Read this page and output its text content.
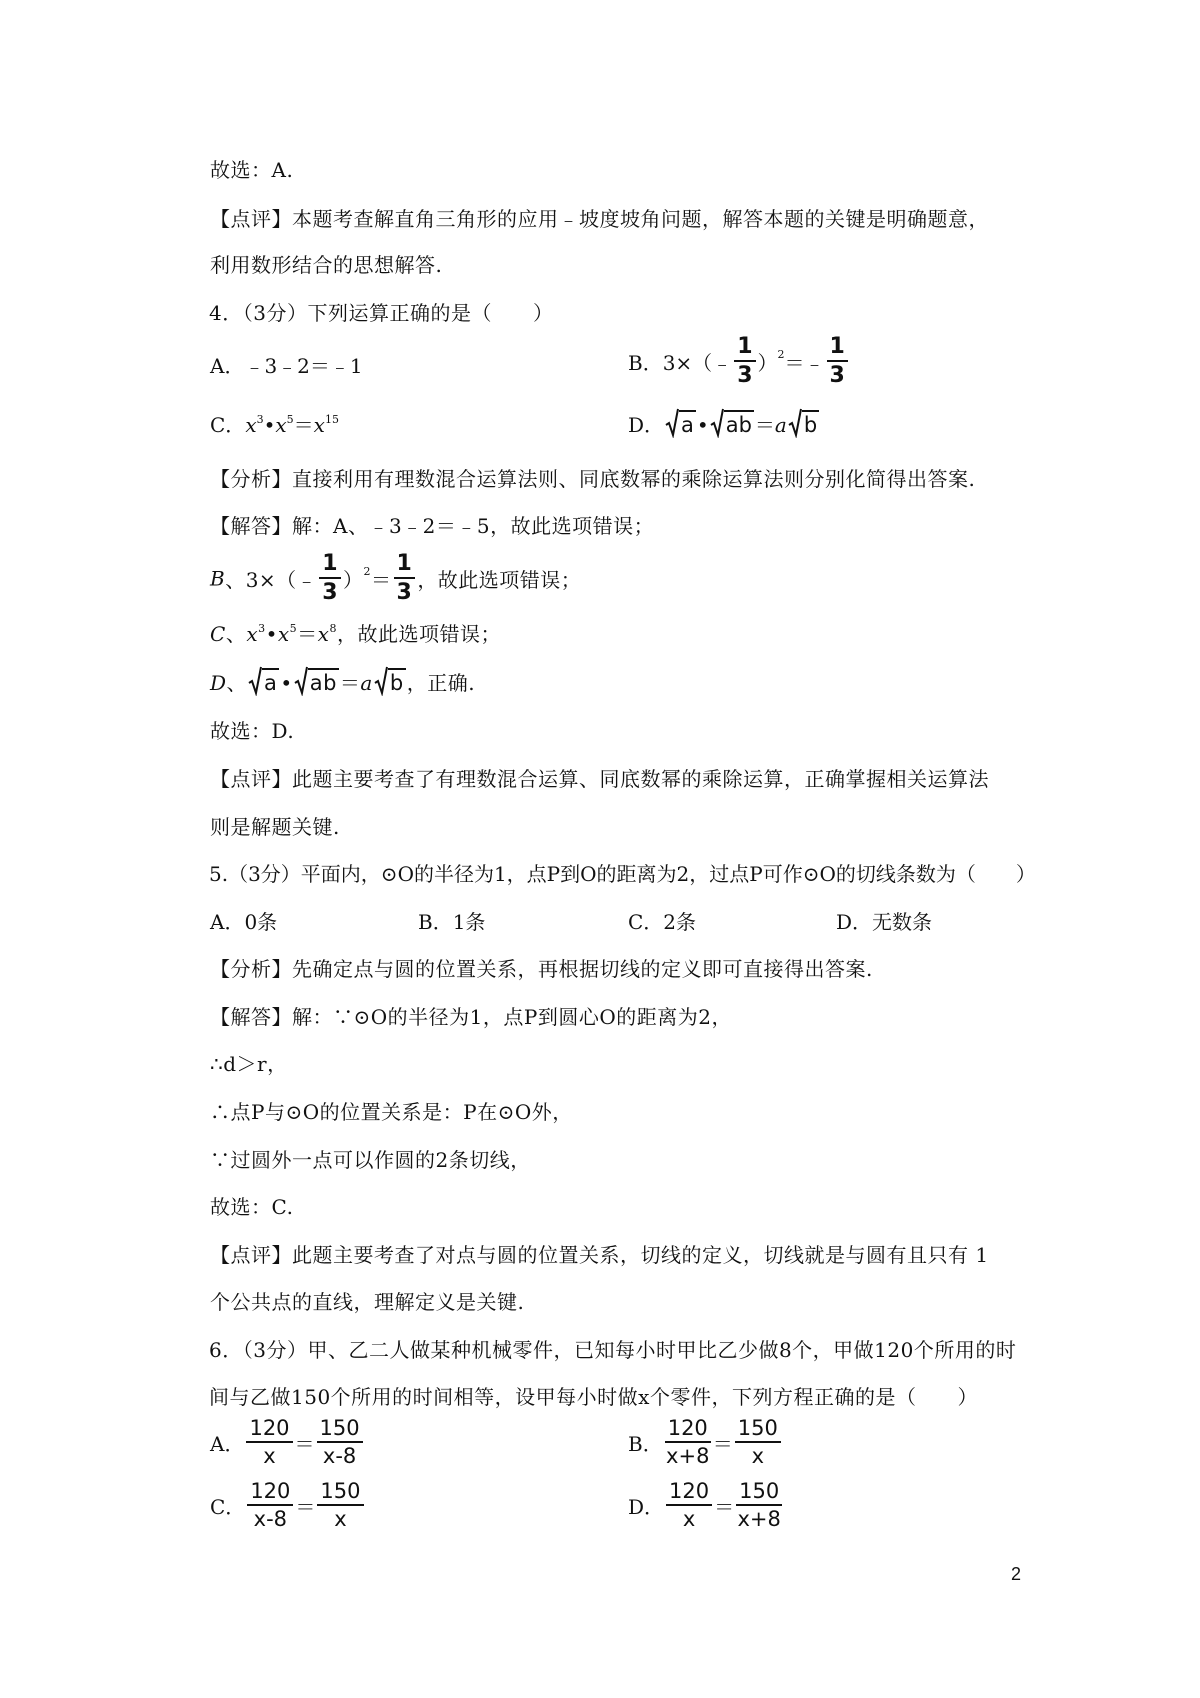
故选：A.
【点评】本题考查解直角三角形的应用﹣坡度坡角问题，解答本题的关键是明确题意，
利用数形结合的思想解答.
4．（3分）下列运算正确的是（　　）
A．﹣3﹣2＝﹣1	B．3×（﹣ $\frac{1}{3}$ ）$^2$＝﹣ $\frac{1}{3}$
C．$x^3•x^5=x^{15}$	D． a • ab ＝a b
【分析】直接利用有理数混合运算法则、同底数幂的乘除运算法则分别化简得出答案.
【解答】解：A、﹣3﹣2＝﹣5，故此选项错误；
B、3×（﹣ $\frac{1}{3} )^2= \frac{1}{3}$ ，故此选项错误；
C、$x^3•x^5=x^8$，故此选项错误；
D、 a • ab ＝a b ，正确.
故选：D.
【点评】此题主要考查了有理数混合运算、同底数幂的乘除运算，正确掌握相关运算法
则是解题关键.
5.（3分）平面内，⊙O的半径为1，点P到O的距离为2，过点P可作⊙O的切线条数为（　　）
A．0条	B．1条	C．2条	D．无数条
【分析】先确定点与圆的位置关系，再根据切线的定义即可直接得出答案.
【解答】解：∵⊙O的半径为1，点P到圆心O的距离为2，
∴d＞r，
∴点P与⊙O的位置关系是：P在⊙O外，
∵过圆外一点可以作圆的2条切线，
故选：C.
【点评】此题主要考查了对点与圆的位置关系，切线的定义，切线就是与圆有且只有 1
个公共点的直线，理解定义是关键.
6．（3分）甲、乙二人做某种机械零件，已知每小时甲比乙少做8个，甲做120个所用的时
间与乙做150个所用的时间相等，设甲每小时做x个零件，下列方程正确的是（　　）
A． $\frac{120}{x} = \frac{150}{x-8}$	B． $\frac{120}{x+8} = \frac{150}{x}$
C． $\frac{120}{x-8} = \frac{150}{x}$	D． $\frac{120}{x} = \frac{150}{x+8}$
2
